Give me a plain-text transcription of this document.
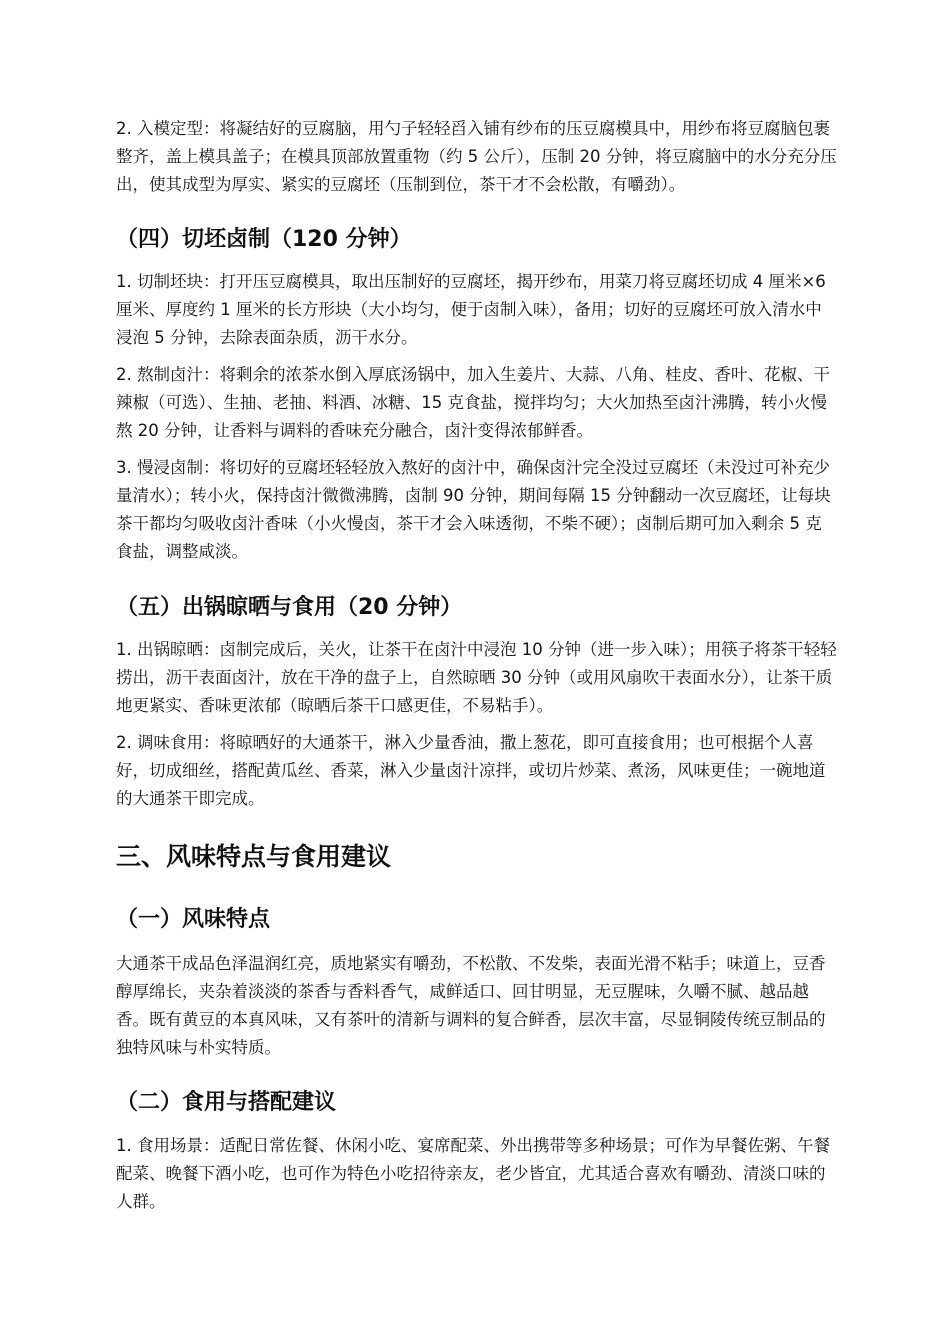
2. 入模定型：将凝结好的豆腐脑，用勺子轻轻舀入铺有纱布的压豆腐模具中，用纱布将豆腐脑包裹整齐，盖上模具盖子；在模具顶部放置重物（约 5 公斤），压制 20 分钟，将豆腐脑中的水分充分压出，使其成型为厚实、紧实的豆腐坯（压制到位，茶干才不会松散，有嚼劲）。

（四）切坯卤制（120 分钟）

1. 切制坯块：打开压豆腐模具，取出压制好的豆腐坯，揭开纱布，用菜刀将豆腐坯切成 4 厘米×6 厘米、厚度约 1 厘米的长方形块（大小均匀，便于卤制入味），备用；切好的豆腐坯可放入清水中浸泡 5 分钟，去除表面杂质，沥干水分。

2. 熬制卤汁：将剩余的浓茶水倒入厚底汤锅中，加入生姜片、大蒜、八角、桂皮、香叶、花椒、干辣椒（可选）、生抽、老抽、料酒、冰糖、15 克食盐，搅拌均匀；大火加热至卤汁沸腾，转小火慢熬 20 分钟，让香料与调料的香味充分融合，卤汁变得浓郁鲜香。

3. 慢浸卤制：将切好的豆腐坯轻轻放入熬好的卤汁中，确保卤汁完全没过豆腐坯（未没过可补充少量清水）；转小火，保持卤汁微微沸腾，卤制 90 分钟，期间每隔 15 分钟翻动一次豆腐坯，让每块茶干都均匀吸收卤汁香味（小火慢卤，茶干才会入味透彻，不柴不硬）；卤制后期可加入剩余 5 克食盐，调整咸淡。

（五）出锅晾晒与食用（20 分钟）

1. 出锅晾晒：卤制完成后，关火，让茶干在卤汁中浸泡 10 分钟（进一步入味）；用筷子将茶干轻轻捞出，沥干表面卤汁，放在干净的盘子上，自然晾晒 30 分钟（或用风扇吹干表面水分），让茶干质地更紧实、香味更浓郁（晾晒后茶干口感更佳，不易粘手）。

2. 调味食用：将晾晒好的大通茶干，淋入少量香油，撒上葱花，即可直接食用；也可根据个人喜好，切成细丝，搭配黄瓜丝、香菜，淋入少量卤汁凉拌，或切片炒菜、煮汤，风味更佳；一碗地道的大通茶干即完成。

三、风味特点与食用建议
（一）风味特点

大通茶干成品色泽温润红亮，质地紧实有嚼劲，不松散、不发柴，表面光滑不粘手；味道上，豆香醇厚绵长，夹杂着淡淡的茶香与香料香气，咸鲜适口、回甘明显，无豆腥味，久嚼不腻、越品越香。既有黄豆的本真风味，又有茶叶的清新与调料的复合鲜香，层次丰富，尽显铜陵传统豆制品的独特风味与朴实特质。

（二）食用与搭配建议

1. 食用场景：适配日常佐餐、休闲小吃、宴席配菜、外出携带等多种场景；可作为早餐佐粥、午餐配菜、晚餐下酒小吃，也可作为特色小吃招待亲友，老少皆宜，尤其适合喜欢有嚼劲、清淡口味的人群。
